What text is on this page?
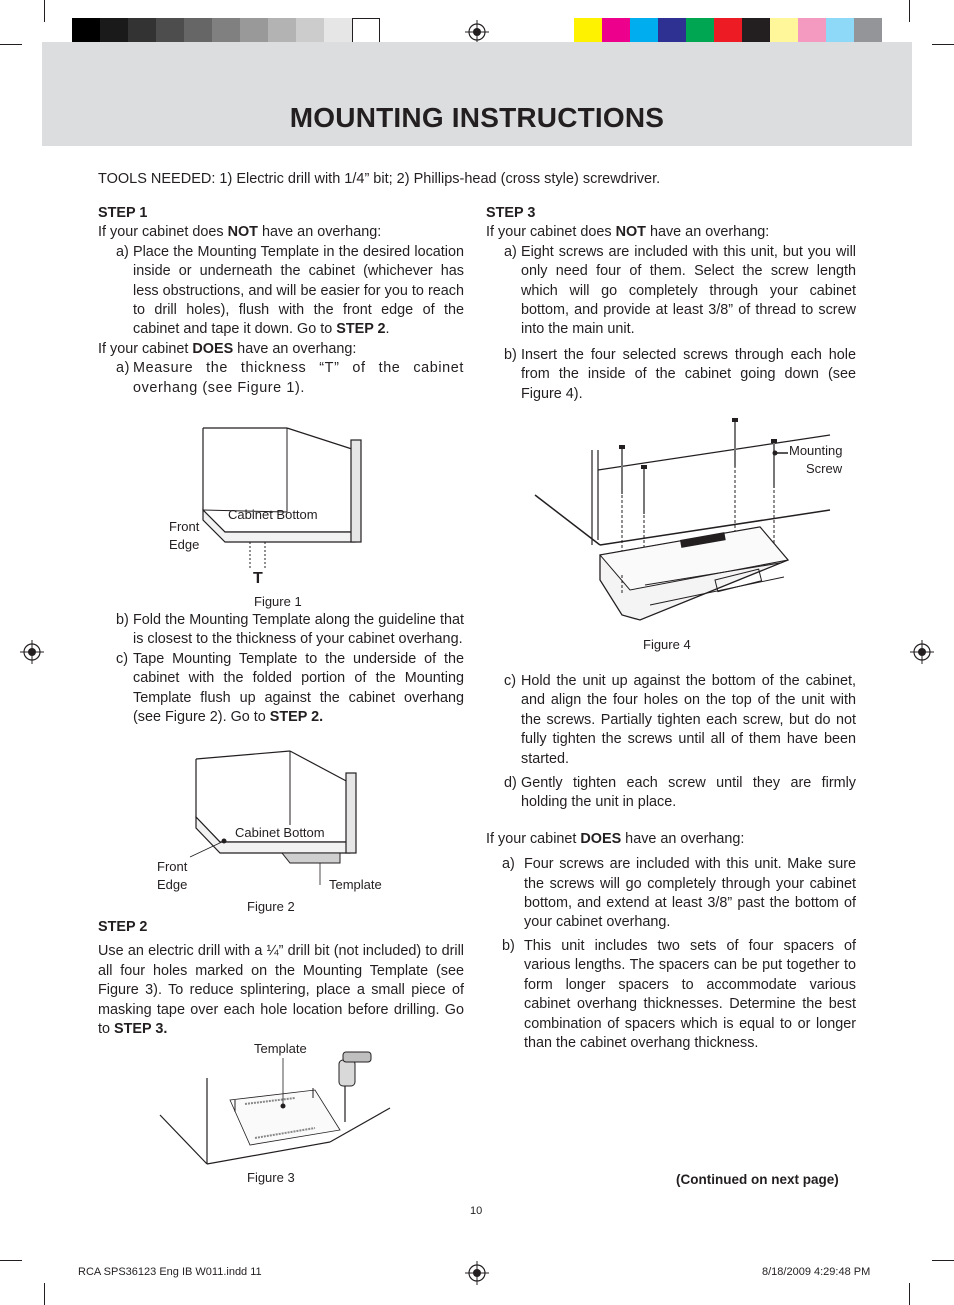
MOUNTING INSTRUCTIONS
TOOLS NEEDED: 1) Electric drill with 1/4” bit; 2) Phillips-head (cross style) screwdriver.
STEP 1

If your cabinet does NOT have an overhang:

a) Place the Mounting Template in the desired location inside or underneath the cabinet (whichever has less obstructions, and will be easier for you to reach to drill holes), flush with the front edge of the cabinet and tape it down. Go to STEP 2.

If your cabinet DOES have an overhang:

a) Measure the thickness “T” of the cabinet overhang (see Figure 1).
Cabinet Bottom
Front
Edge
T
Figure 1
b) Fold the Mounting Template along the guideline that is closest to the thickness of your cabinet overhang.
c) Tape Mounting Template to the underside of the cabinet with the folded portion of the Mounting Template flush up against the cabinet overhang (see Figure 2). Go to STEP 2.
Cabinet Bottom
Front
Edge	Template
Figure 2
STEP 2

Use an electric drill with a ¼” drill bit (not included) to drill all four holes marked on the Mounting Template (see Figure 3). To reduce splintering, place a small piece of masking tape over each hole location before drilling. Go to STEP 3.

Template
Figure 3
STEP 3

If your cabinet does NOT have an overhang:

a) Eight screws are included with this unit, but you will only need four of them. Select the screw length which will go completely through your cabinet bottom, and provide at least 3/8” of thread to screw into the main unit.
b) Insert the four selected screws through each hole from the inside of the cabinet going down (see Figure 4).
Mounting
Screw
Figure 4
c) Hold the unit up against the bottom of the cabinet, and align the four holes on the top of the unit with the screws. Partially tighten each screw, but do not fully tighten the screws until all of them have been started.
d) Gently tighten each screw until they are firmly holding the unit in place.

If your cabinet DOES have an overhang:

a) Four screws are included with this unit. Make sure the screws will go completely through your cabinet bottom, and extend at least 3/8” past the bottom of your cabinet overhang.
b) This unit includes two sets of four spacers of various lengths. The spacers can be put together to form longer spacers to accommodate various cabinet overhang thicknesses. Determine the best combination of spacers which is equal to or longer than the cabinet overhang thickness.
(Continued on next page)
10
RCA SPS36123 Eng IB W011.indd 11	8/18/2009 4:29:48 PM
